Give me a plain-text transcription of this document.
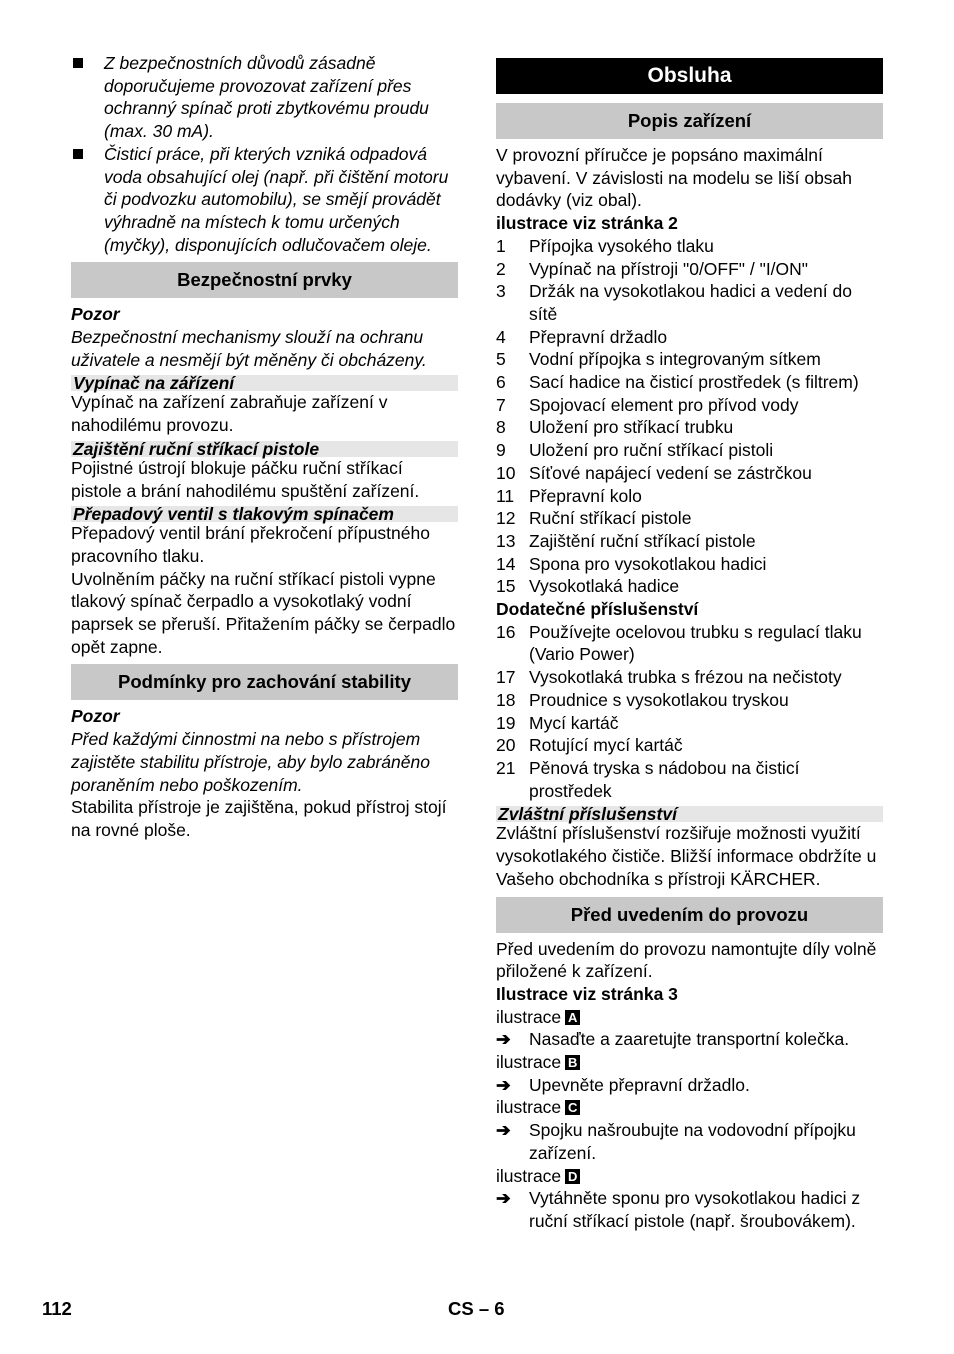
Z bezpečnostních důvodů zásadně doporučujeme provozovat zařízení přes ochranný spínač proti zbytkovému proudu (max. 30 mA).

Čisticí práce, při kterých vzniká odpadová voda obsahující olej (např. při čištění motoru či podvozku automobilu), se smějí provádět výhradně na místech k tomu určených (myčky), disponujících odlučovačem oleje.

Bezpečnostní prvky

Pozor

Bezpečnostní mechanismy slouží na ochranu uživatele a nesmějí být měněny či obcházeny.

Vypínač na zářízení

Vypínač na zařízení zabraňuje zařízení v nahodilému provozu.

Zajištění ruční stříkací pistole

Pojistné ústrojí blokuje páčku ruční stříkací pistole a brání nahodilému spuštění zařízení.

Přepadový ventil s tlakovým spínačem

Přepadový ventil brání překročení přípustného pracovního tlaku.

Uvolněním páčky na ruční stříkací pistoli vypne tlakový spínač čerpadlo a vysokotlaký vodní paprsek se přeruší. Přitažením páčky se čerpadlo opět zapne.

Podmínky pro zachování stability

Pozor

Před každými činnostmi na nebo s přístrojem zajistěte stabilitu přístroje, aby bylo zabráněno poraněním nebo poškozením.

Stabilita přístroje je zajištěna, pokud přístroj stojí na rovné ploše.

Obsluha
Popis zařízení

V provozní příručce je popsáno maximální vybavení. V závislosti na modelu se liší obsah dodávky (viz obal).

ilustrace viz stránka 2

1 Přípojka vysokého tlaku
2 Vypínač na přístroji "0/OFF" / "I/ON"
3 Držák na vysokotlakou hadici a vedení do sítě
4 Přepravní držadlo
5 Vodní přípojka s integrovaným sítkem
6 Sací hadice na čisticí prostředek (s filtrem)
7 Spojovací element pro přívod vody
8 Uložení pro stříkací trubku
9 Uložení pro ruční stříkací pistoli
10 Síťové napájecí vedení se zástrčkou
11 Přepravní kolo
12 Ruční stříkací pistole
13 Zajištění ruční stříkací pistole
14 Spona pro vysokotlakou hadici
15 Vysokotlaká hadice

Dodatečné příslušenství

16 Používejte ocelovou trubku s regulací tlaku (Vario Power)
17 Vysokotlaká trubka s frézou na nečistoty
18 Proudnice s vysokotlakou tryskou
19 Mycí kartáč
20 Rotující mycí kartáč
21 Pěnová tryska s nádobou na čisticí prostředek
Zvláštní příslušenství

Zvláštní příslušenství rozšiřuje možnosti využití vysokotlakého čističe. Bližší informace obdržíte u Vašeho obchodníka s přístroji KÄRCHER.

Před uvedením do provozu

Před uvedením do provozu namontujte díly volně přiložené k zařízení.

Ilustrace viz stránka 3

ilustrace A

➔ Nasaďte a zaaretujte transportní kolečka.

ilustrace B

➔ Upevněte přepravní držadlo.

ilustrace C

➔ Spojku našroubujte na vodovodní přípojku zařízení.

ilustrace D

➔ Vytáhněte sponu pro vysokotlakou hadici z ruční stříkací pistole (např. šroubovákem).
112	CS – 6
